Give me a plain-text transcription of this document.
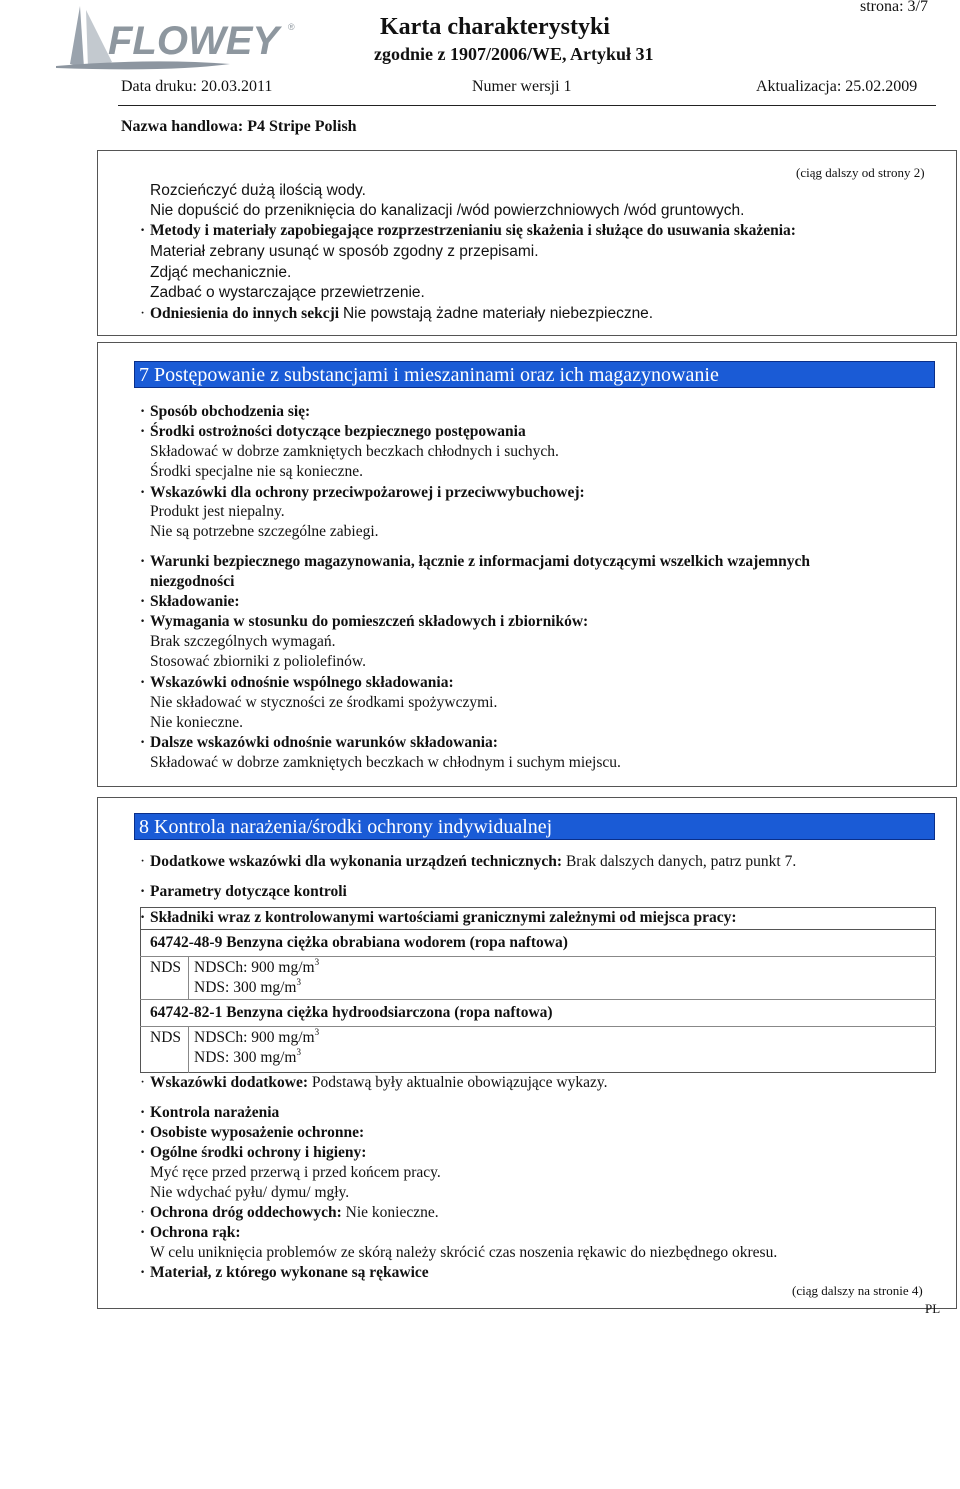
FLOWEY ®	Karta charakterystyki
zgodnie z 1907/2006/WE, Artykuł 31
strona: 3/7
Data druku: 20.03.2011	Numer wersji 1	Aktualizacja: 25.02.2009
Nazwa handlowa: P4 Stripe Polish
(ciąg dalszy od strony 2)
Rozcieńczyć dużą ilością wody.
Nie dopuścić do przeniknięcia do kanalizacji /wód powierzchniowych /wód gruntowych.
· Metody i materiały zapobiegające rozprzestrzenianiu się skażenia i służące do usuwania skażenia:
Materiał zebrany usunąć w sposób zgodny z przepisami.
Zdjąć mechanicznie.
Zadbać o wystarczające przewietrzenie.
· Odniesienia do innych sekcji Nie powstają żadne materiały niebezpieczne.
7 Postępowanie z substancjami i mieszaninami oraz ich magazynowanie
· Sposób obchodzenia się:
· Środki ostrożności dotyczące bezpiecznego postępowania
Składować w dobrze zamkniętych beczkach chłodnych i suchych.
Środki specjalne nie są konieczne.
· Wskazówki dla ochrony przeciwpożarowej i przeciwwybuchowej:
Produkt jest niepalny.
Nie są potrzebne szczególne zabiegi.
· Warunki bezpiecznego magazynowania, łącznie z informacjami dotyczącymi wszelkich wzajemnych
niezgodności
· Składowanie:
· Wymagania w stosunku do pomieszczeń składowych i zbiorników:
Brak szczególnych wymagań.
Stosować zbiorniki z poliolefinów.
· Wskazówki odnośnie wspólnego składowania:
Nie składować w styczności ze środkami spożywczymi.
Nie konieczne.
· Dalsze wskazówki odnośnie warunków składowania:
Składować w dobrze zamkniętych beczkach w chłodnym i suchym miejscu.
8 Kontrola narażenia/środki ochrony indywidualnej
· Dodatkowe wskazówki dla wykonania urządzeń technicznych: Brak dalszych danych, patrz punkt 7.
· Parametry dotyczące kontroli
· Składniki wraz z kontrolowanymi wartościami granicznymi zależnymi od miejsca pracy:
64742-48-9 Benzyna ciężka obrabiana wodorem (ropa naftowa)
NDS NDSCh: 900 $mg/m^3$
NDS: 300 $mg/m^3$
64742-82-1 Benzyna ciężka hydroodsiarczona (ropa naftowa)
NDS NDSCh: 900 $mg/m^3$
NDS: 300 $mg/m^3$
· Wskazówki dodatkowe: Podstawą były aktualnie obowiązujące wykazy.
· Kontrola narażenia
· Osobiste wyposażenie ochronne:
· Ogólne środki ochrony i higieny:
Myć ręce przed przerwą i przed końcem pracy.
Nie wdychać pyłu/ dymu/ mgły.
· Ochrona dróg oddechowych: Nie konieczne.
· Ochrona rąk:
W celu uniknięcia problemów ze skórą należy skrócić czas noszenia rękawic do niezbędnego okresu.
· Materiał, z którego wykonane są rękawice
(ciąg dalszy na stronie 4)
PL
